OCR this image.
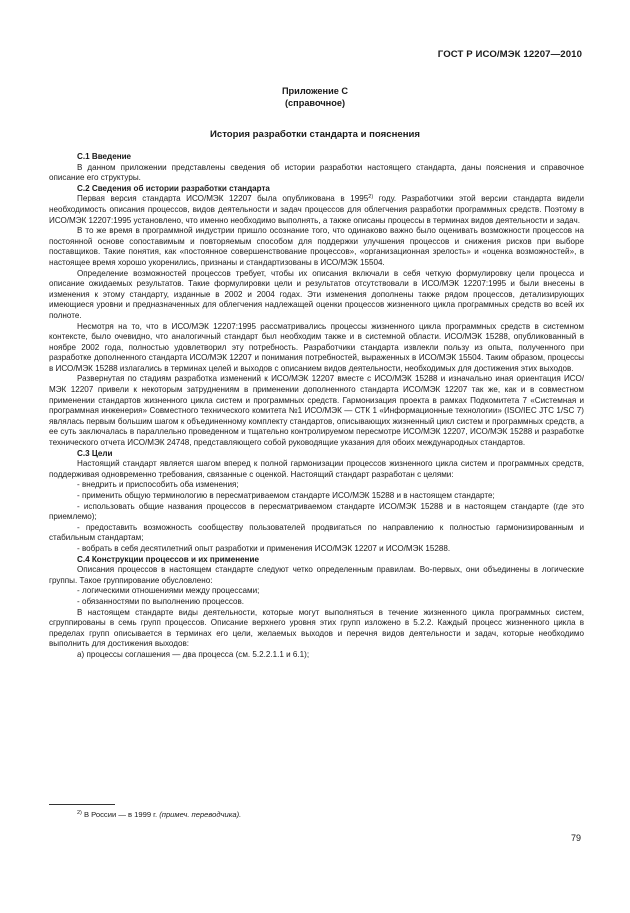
ГОСТ Р ИСО/МЭК 12207—2010
Приложение С
(справочное)
История разработки стандарта и пояснения

С.1 Введение

В данном приложении представлены сведения об истории разработки настоящего стандарта, даны пояснения и справочное описание его структуры.

С.2 Сведения об истории разработки стандарта

Первая версия стандарта ИСО/МЭК 12207 была опубликована в 1995$^{2)}$ году. Разработчики этой версии стандарта видели необходимость описания процессов, видов деятельности и задач процессов для облегчения разработки программных средств. Поэтому в ИСО/МЭК 12207:1995 установлено, что именно необходимо выполнять, а также описаны процессы в терминах видов деятельности и задач.

В то же время в программной индустрии пришло осознание того, что одинаково важно было оценивать возможности процессов на постоянной основе сопоставимым и повторяемым способом для поддержки улучшения процессов и снижения рисков при выборе поставщиков. Такие понятия, как «постоянное совершенствование процессов», «организационная зрелость» и «оценка возможностей», в настоящее время хорошо укоренились, признаны и стандартизованы в ИСО/МЭК 15504.

Определение возможностей процессов требует, чтобы их описания включали в себя четкую формулировку цели процесса и описание ожидаемых результатов. Такие формулировки цели и результатов отсутствовали в ИСО/МЭК 12207:1995 и были внесены в изменения к этому стандарту, изданные в 2002 и 2004 годах. Эти изменения дополнены также рядом процессов, детализирующих имеющиеся уровни и предназначенных для облегчения надлежащей оценки процессов жизненного цикла программных средств во всей их полноте.

Несмотря на то, что в ИСО/МЭК 12207:1995 рассматривались процессы жизненного цикла программных средств в системном контексте, было очевидно, что аналогичный стандарт был необходим также и в системной области. ИСО/МЭК 15288, опубликованный в ноябре 2002 года, полностью удовлетворил эту потребность. Разработчики стандарта извлекли пользу из опыта, полученного при разработке дополненного стандарта ИСО/МЭК 12207 и понимания потребностей, выраженных в ИСО/МЭК 15504. Таким образом, процессы в ИСО/МЭК 15288 излагались в терминах целей и выходов с описанием видов деятельности, необходимых для достижения этих выходов.

Развернутая по стадиям разработка изменений к ИСО/МЭК 12207 вместе с ИСО/МЭК 15288 и изначально иная ориентация ИСО/МЭК 12207 привели к некоторым затруднениям в применении дополненного стандарта ИСО/МЭК 12207 так же, как и в совместном применении стандартов жизненного цикла систем и программных средств. Гармонизация проекта в рамках Подкомитета 7 «Системная и программная инженерия» Совместного технического комитета №1 ИСО/МЭК — СТК 1 «Информационные технологии» (ISO/IEC JTC 1/SC 7) являлась первым большим шагом к объединенному комплекту стандартов, описывающих жизненный цикл систем и программных средств, а ее суть заключалась в параллельно проведенном и тщательно контролируемом пересмотре ИСО/МЭК 12207, ИСО/МЭК 15288 и разработке технического отчета ИСО/МЭК 24748, представляющего собой руководящие указания для обоих международных стандартов.

С.3 Цели

Настоящий стандарт является шагом вперед к полной гармонизации процессов жизненного цикла систем и программных средств, поддерживая одновременно требования, связанные с оценкой. Настоящий стандарт разработан с целями:

- внедрить и приспособить оба изменения;

- применить общую терминологию в пересматриваемом стандарте ИСО/МЭК 15288 и в настоящем стандарте;

- использовать общие названия процессов в пересматриваемом стандарте ИСО/МЭК 15288 и в настоящем стандарте (где это приемлемо);

- предоставить возможность сообществу пользователей продвигаться по направлению к полностью гармонизированным и стабильным стандартам;

- вобрать в себя десятилетний опыт разработки и применения ИСО/МЭК 12207 и ИСО/МЭК 15288.

С.4 Конструкции процессов и их применение

Описания процессов в настоящем стандарте следуют четко определенным правилам. Во-первых, они объединены в логические группы. Такое группирование обусловлено:

- логическими отношениями между процессами;

- обязанностями по выполнению процессов.

В настоящем стандарте виды деятельности, которые могут выполняться в течение жизненного цикла программных систем, сгруппированы в семь групп процессов. Описание верхнего уровня этих групп изложено в 5.2.2. Каждый процесс жизненного цикла в пределах групп описывается в терминах его цели, желаемых выходов и перечня видов деятельности и задач, которые необходимо выполнить для достижения выходов:

а) процессы соглашения — два процесса (см. 5.2.2.1.1 и 6.1);

$^{2)}$ В России — в 1999 г. (примеч. переводчика).
79
